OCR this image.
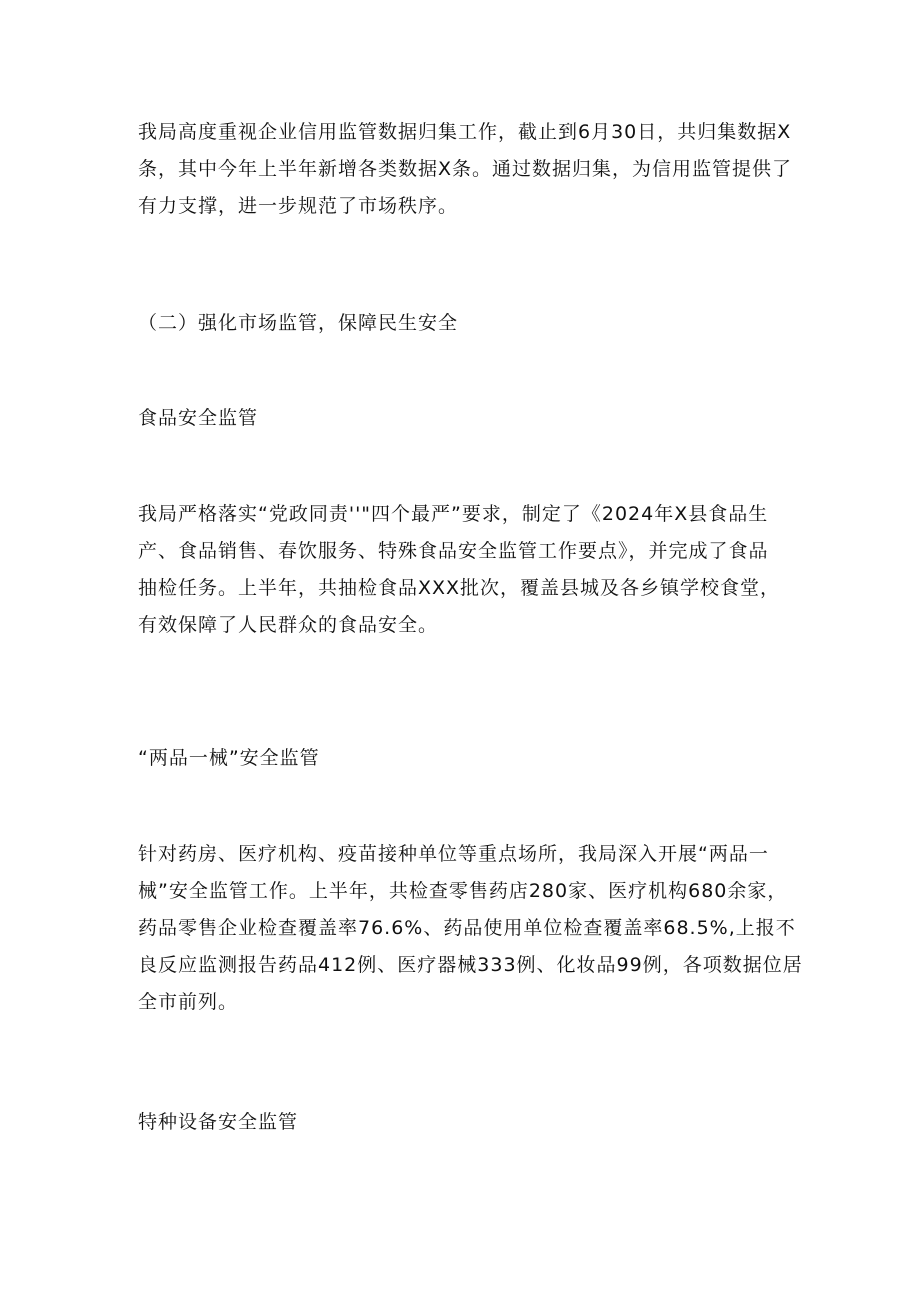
我局高度重视企业信用监管数据归集工作，截止到6月30日，共归集数据X
条，其中今年上半年新增各类数据X条。通过数据归集，为信用监管提供了
有力支撑，进一步规范了市场秩序。
（二）强化市场监管，保障民生安全
食品安全监管
我局严格落实“党政同责''"四个最严”要求，制定了《2024年X县食品生
产、食品销售、春饮服务、特殊食品安全监管工作要点》，并完成了食品
抽检任务。上半年，共抽检食品XXX批次，覆盖县城及各乡镇学校食堂，
有效保障了人民群众的食品安全。
“两品一械”安全监管
针对药房、医疗机构、疫苗接种单位等重点场所，我局深入开展“两品一
械”安全监管工作。上半年，共检查零售药店280家、医疗机构680余家，
药品零售企业检查覆盖率76.6%、药品使用单位检查覆盖率68.5%,上报不
良反应监测报告药品412例、医疗器械333例、化妆品99例，各项数据位居
全市前列。
特种设备安全监管
